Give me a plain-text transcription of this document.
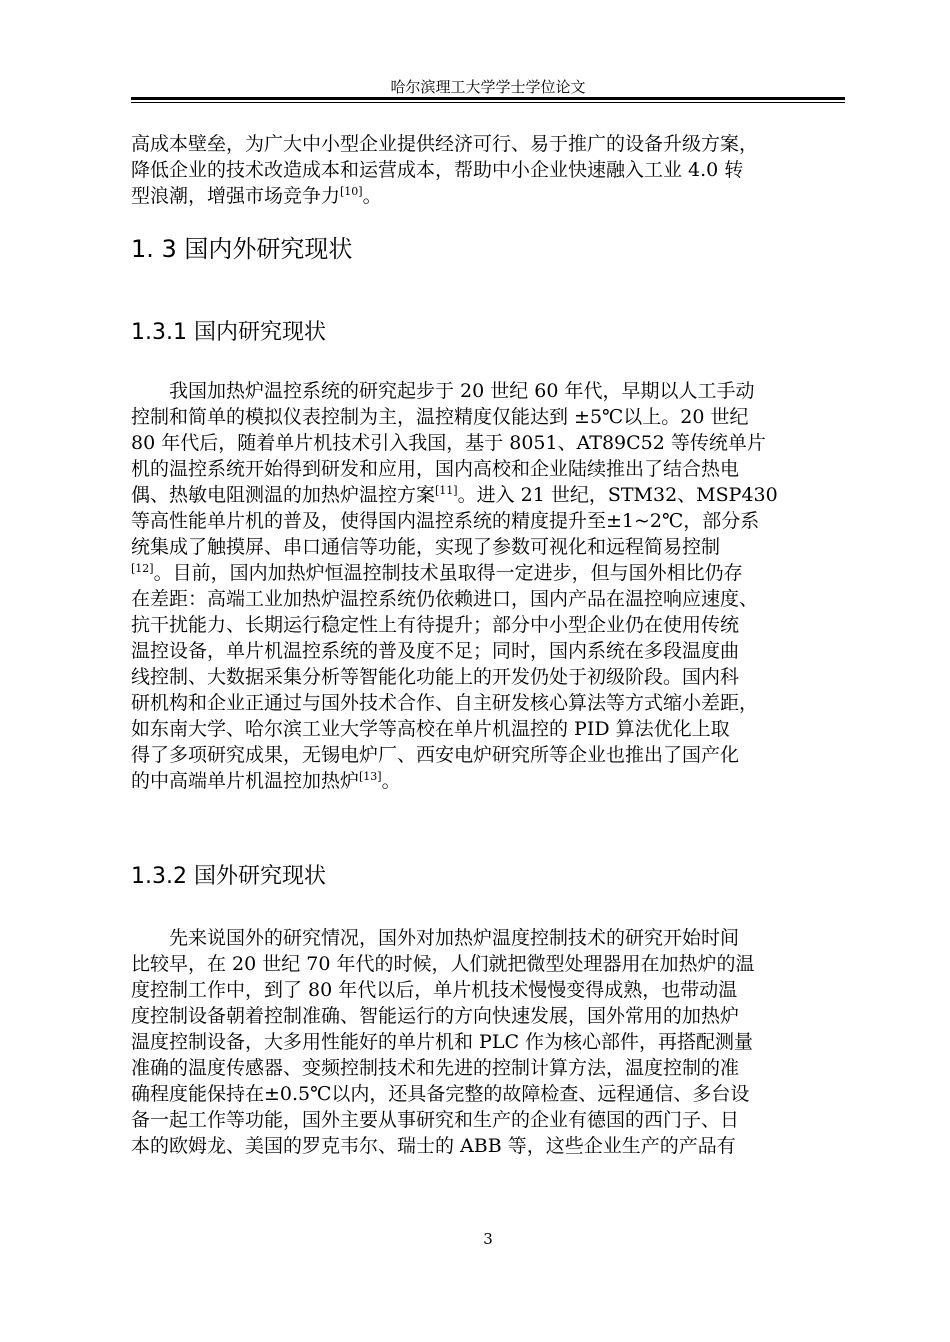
哈尔滨理工大学学士学位论文
高成本壁垒，为广大中小型企业提供经济可行、易于推广的设备升级方案，
降低企业的技术改造成本和运营成本，帮助中小企业快速融入工业 4.0 转
型浪潮，增强市场竞争力[10]。
1. 3 国内外研究现状
1.3.1 国内研究现状
我国加热炉温控系统的研究起步于 20 世纪 60 年代，早期以人工手动
控制和简单的模拟仪表控制为主，温控精度仅能达到 ±5℃以上。20 世纪
80 年代后，随着单片机技术引入我国，基于 8051、AT89C52 等传统单片
机的温控系统开始得到研发和应用，国内高校和企业陆续推出了结合热电
偶、热敏电阻测温的加热炉温控方案[11]。进入 21 世纪，STM32、MSP430
等高性能单片机的普及，使得国内温控系统的精度提升至±1~2℃，部分系
统集成了触摸屏、串口通信等功能，实现了参数可视化和远程简易控制
[12]。目前，国内加热炉恒温控制技术虽取得一定进步，但与国外相比仍存
在差距：高端工业加热炉温控系统仍依赖进口，国内产品在温控响应速度、
抗干扰能力、长期运行稳定性上有待提升；部分中小型企业仍在使用传统
温控设备，单片机温控系统的普及度不足；同时，国内系统在多段温度曲
线控制、大数据采集分析等智能化功能上的开发仍处于初级阶段。国内科
研机构和企业正通过与国外技术合作、自主研发核心算法等方式缩小差距，
如东南大学、哈尔滨工业大学等高校在单片机温控的 PID 算法优化上取
得了多项研究成果，无锡电炉厂、西安电炉研究所等企业也推出了国产化
的中高端单片机温控加热炉[13]。
1.3.2 国外研究现状
先来说国外的研究情况，国外对加热炉温度控制技术的研究开始时间
比较早，在 20 世纪 70 年代的时候，人们就把微型处理器用在加热炉的温
度控制工作中，到了 80 年代以后，单片机技术慢慢变得成熟，也带动温
度控制设备朝着控制准确、智能运行的方向快速发展，国外常用的加热炉
温度控制设备，大多用性能好的单片机和 PLC 作为核心部件，再搭配测量
准确的温度传感器、变频控制技术和先进的控制计算方法，温度控制的准
确程度能保持在±0.5℃以内，还具备完整的故障检查、远程通信、多台设
备一起工作等功能，国外主要从事研究和生产的企业有德国的西门子、日
本的欧姆龙、美国的罗克韦尔、瑞士的 ABB 等，这些企业生产的产品有
3
